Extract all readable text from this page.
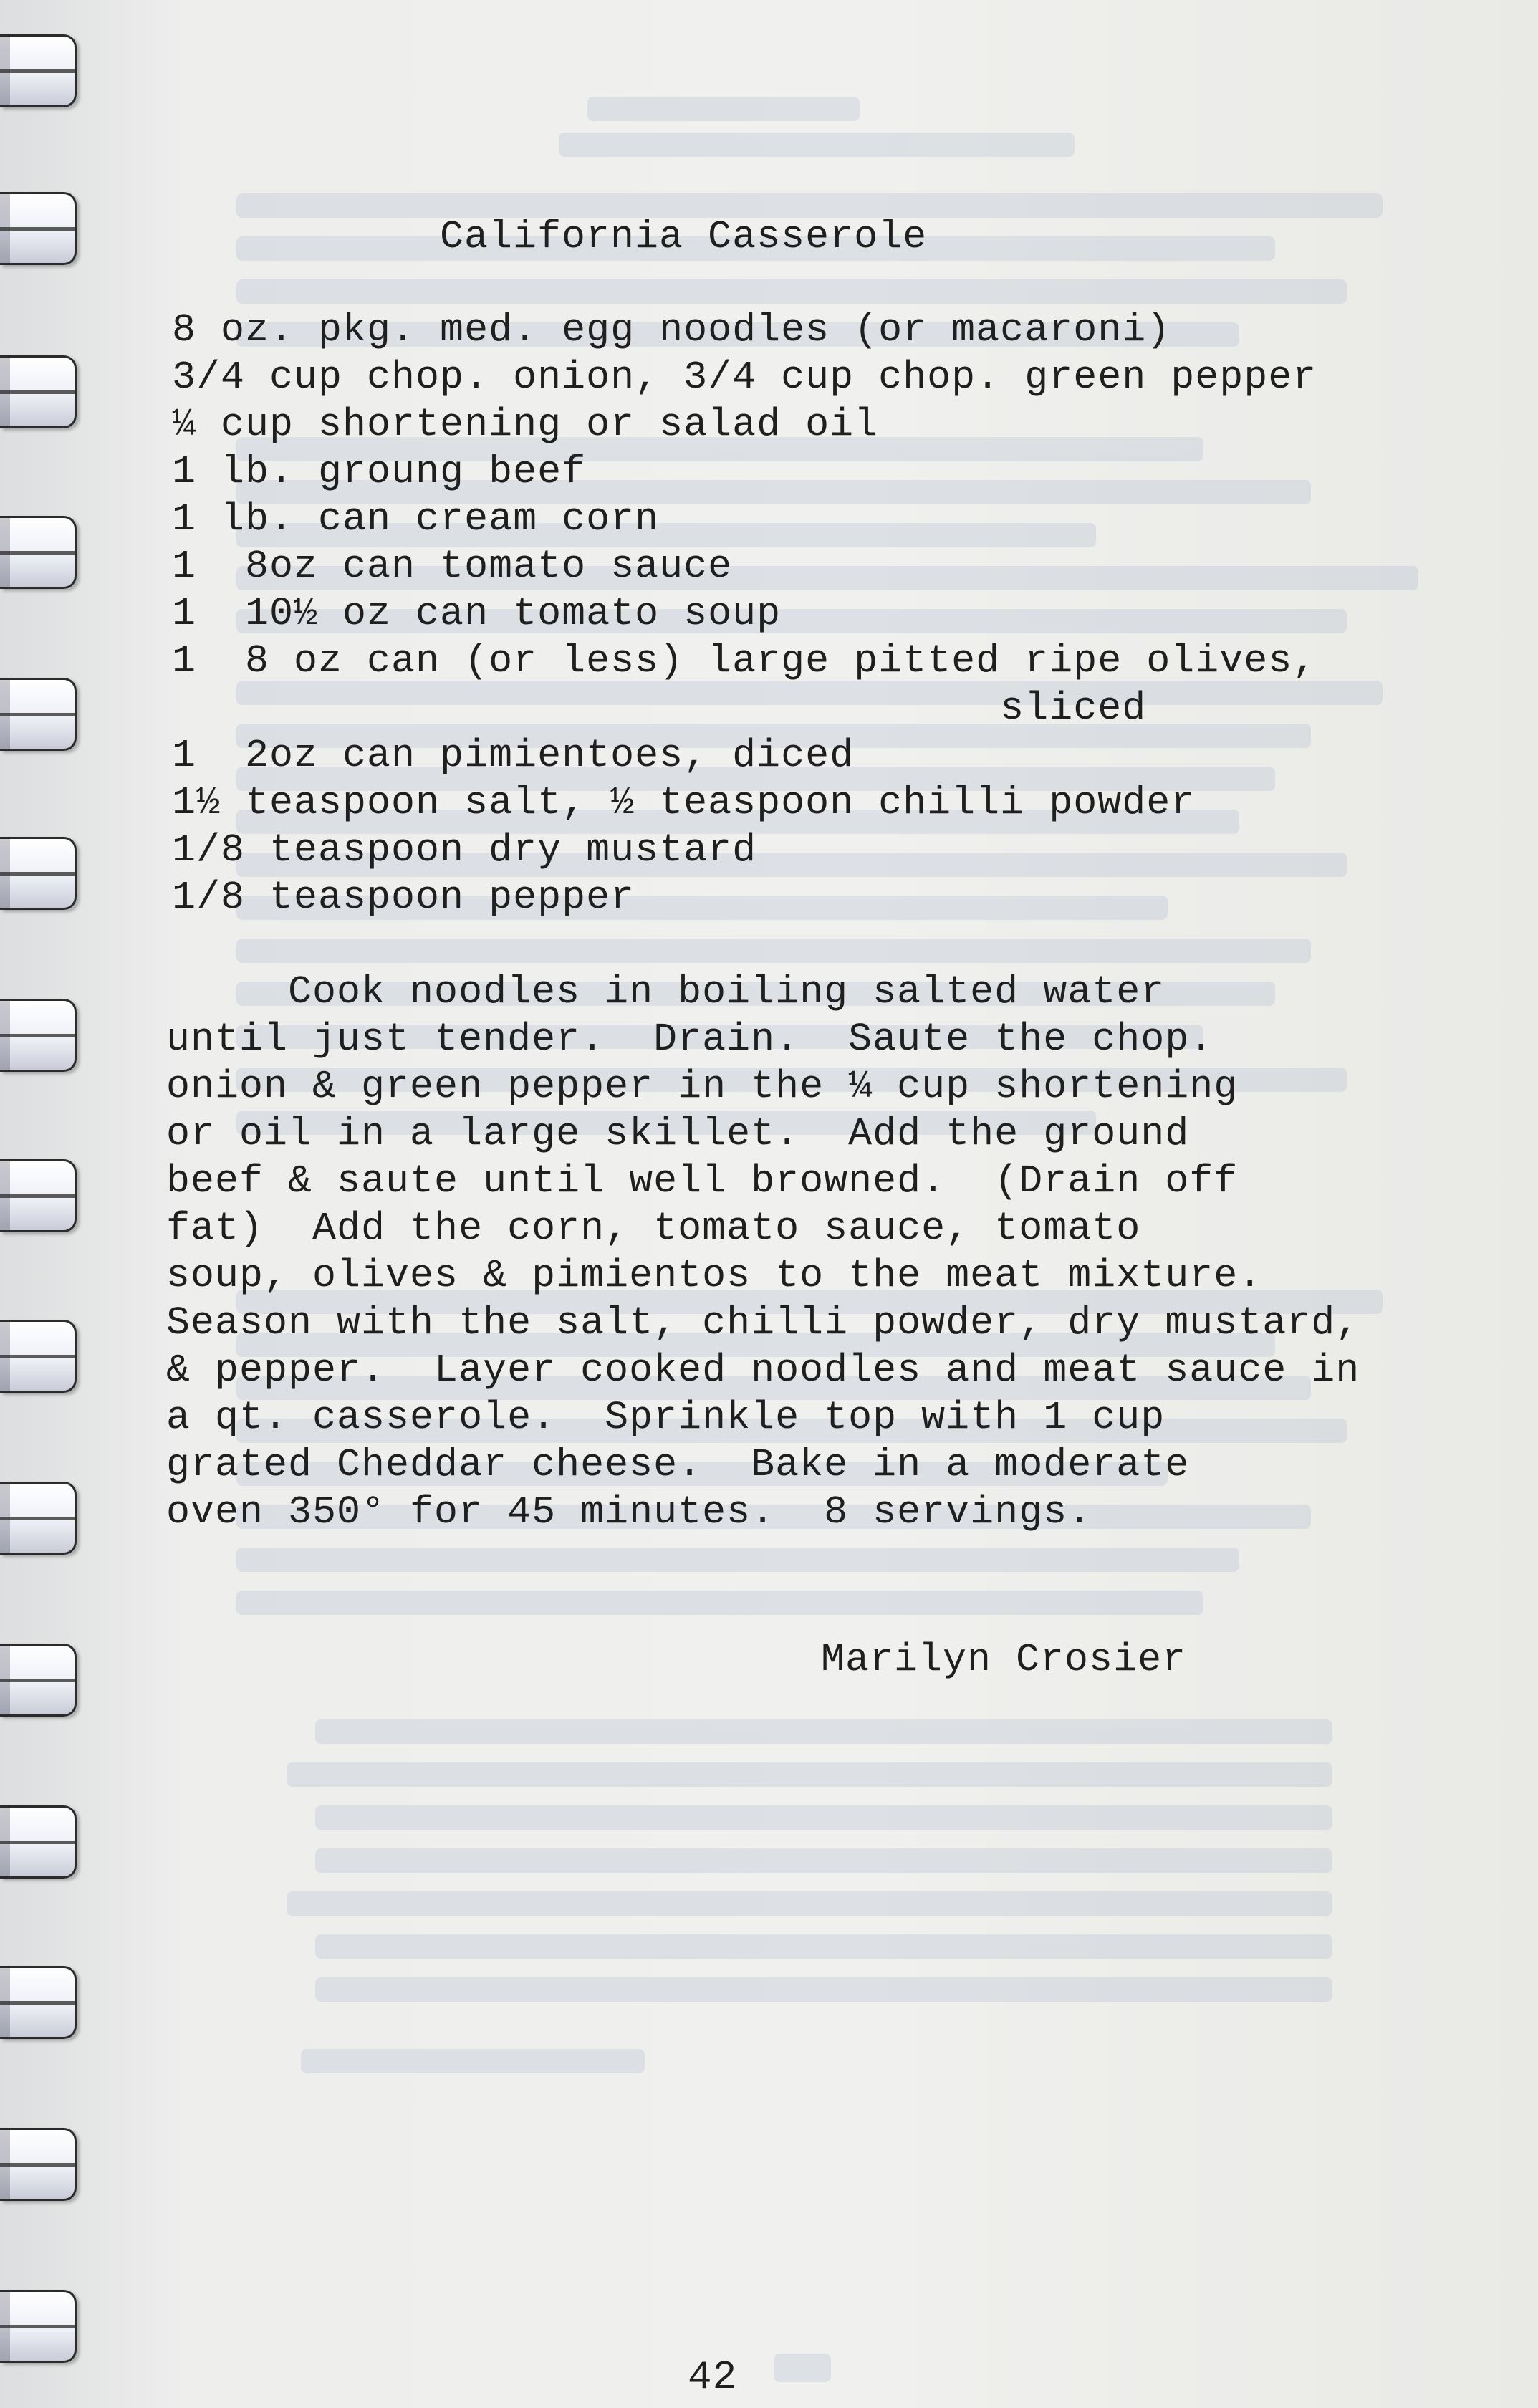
California Casserole
8 oz. pkg. med. egg noodles (or macaroni)
3/4 cup chop. onion, 3/4 cup chop. green pepper
¼ cup shortening or salad oil
1 lb. groung beef
1 lb. can cream corn
1  8oz can tomato sauce
1  10½ oz can tomato soup
1  8 oz can (or less) large pitted ripe olives,
sliced
1  2oz can pimientoes, diced
1½ teaspoon salt, ½ teaspoon chilli powder
1/8 teaspoon dry mustard
1/8 teaspoon pepper
Cook noodles in boiling salted water
until just tender.  Drain.  Saute the chop.
onion & green pepper in the ¼ cup shortening
or oil in a large skillet.  Add the ground
beef & saute until well browned.  (Drain off
fat)  Add the corn, tomato sauce, tomato
soup, olives & pimientos to the meat mixture.
Season with the salt, chilli powder, dry mustard,
& pepper.  Layer cooked noodles and meat sauce in
a qt. casserole.  Sprinkle top with 1 cup
grated Cheddar cheese.  Bake in a moderate
oven 350° for 45 minutes.  8 servings.
Marilyn Crosier
42
